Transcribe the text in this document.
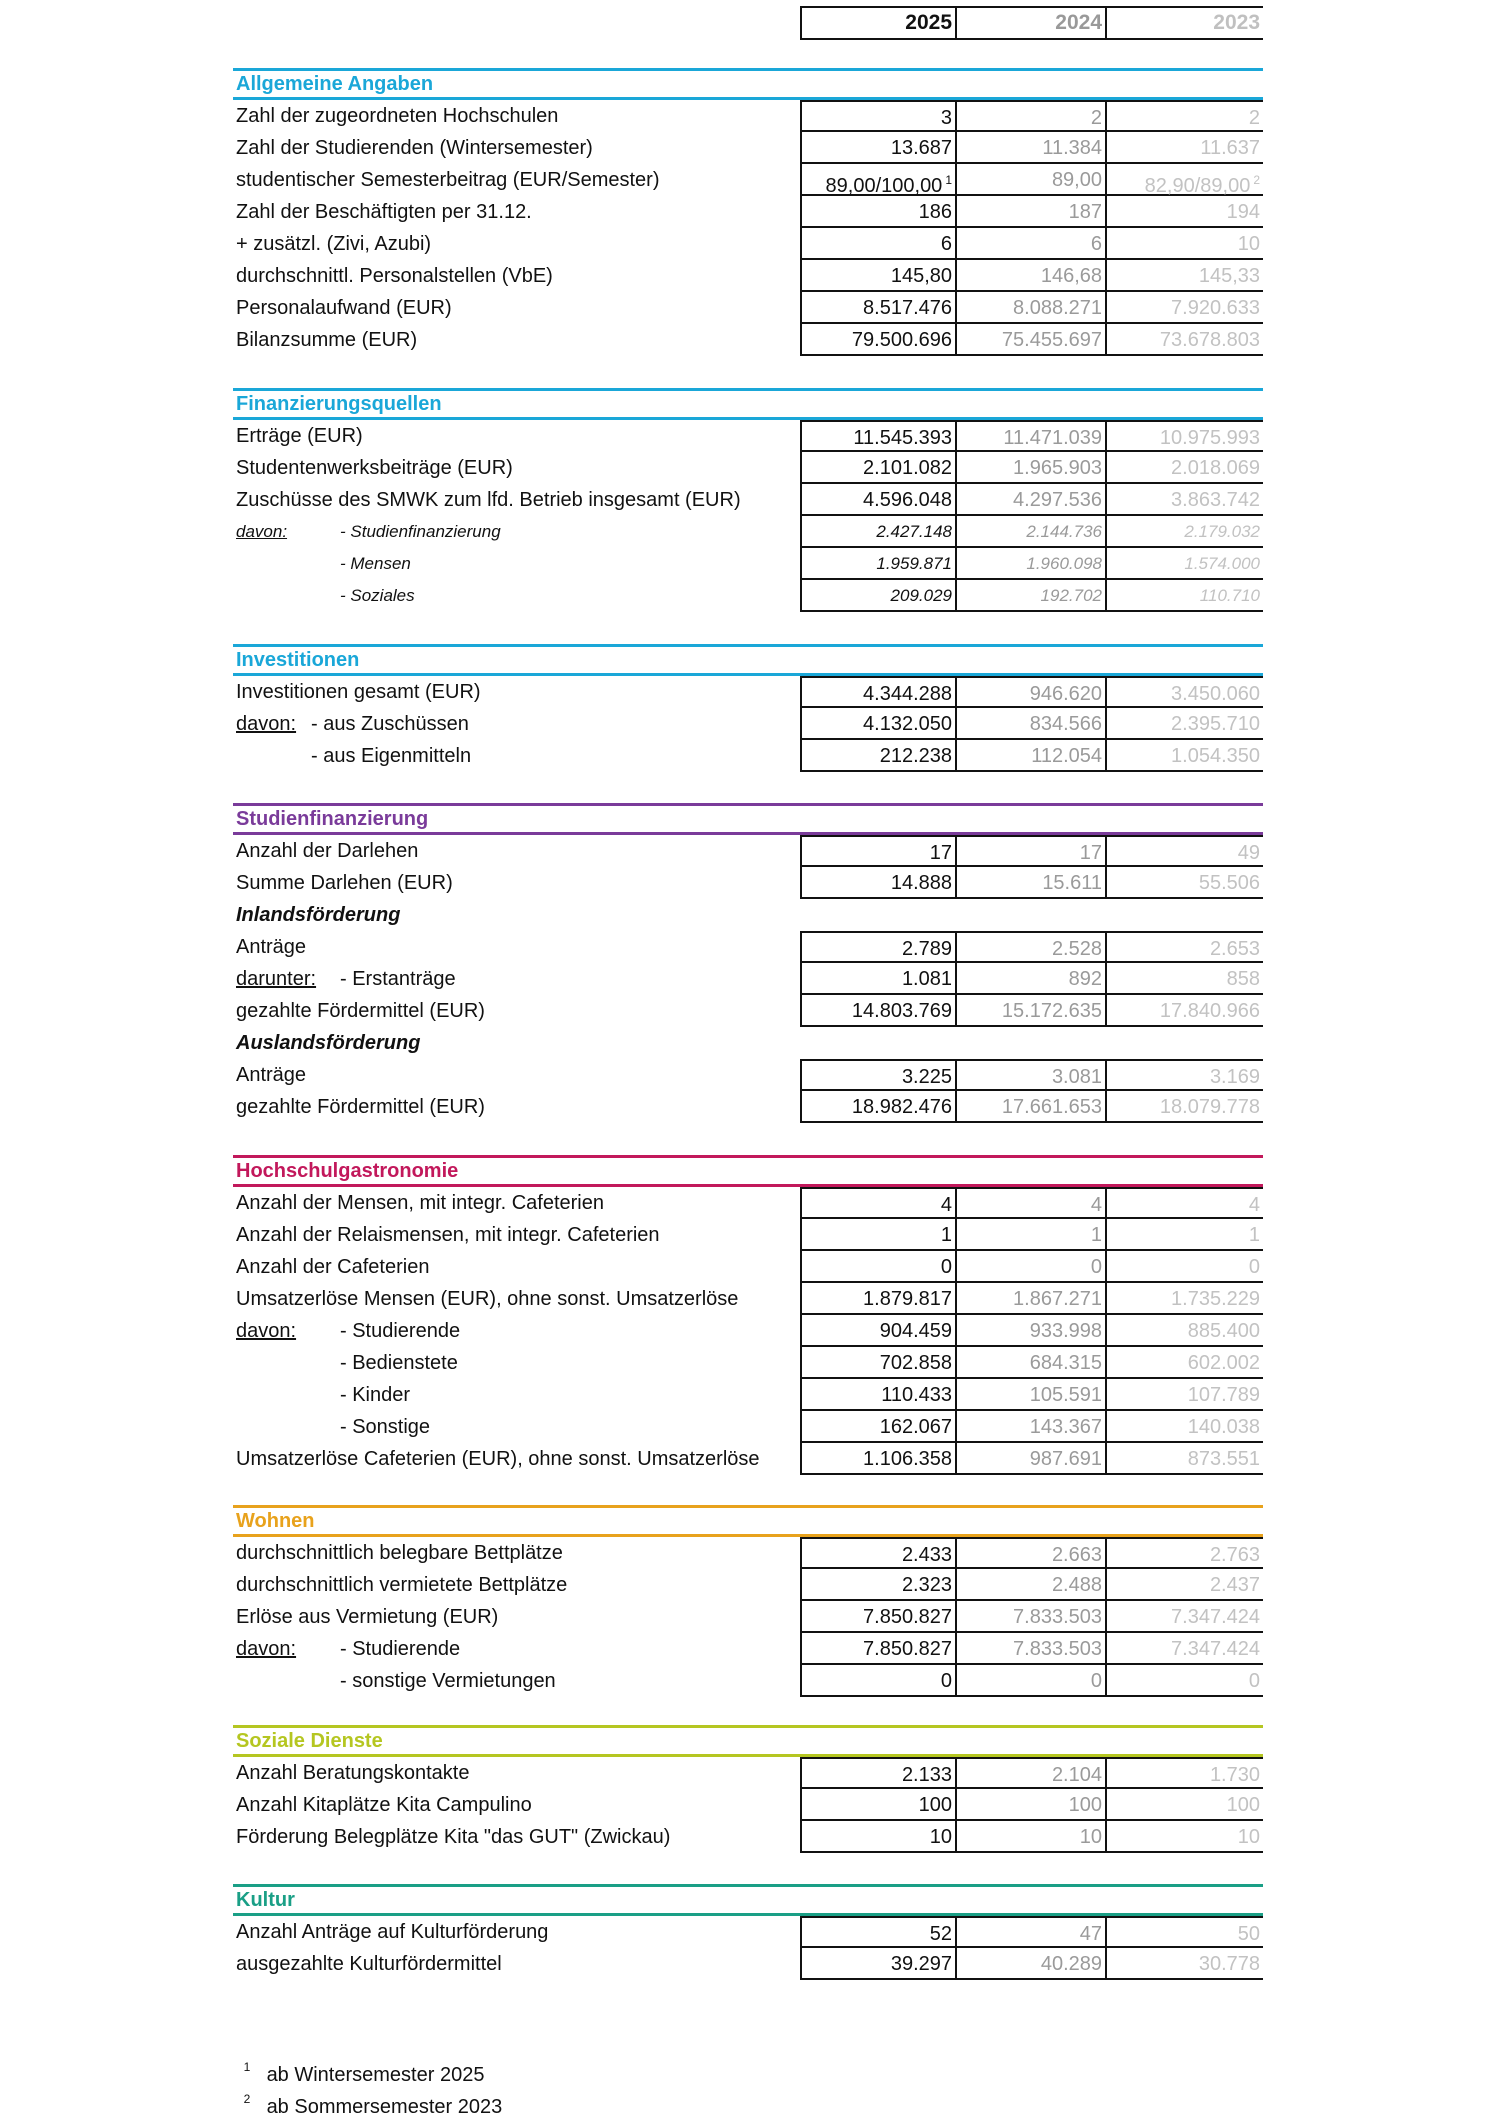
2025	2024	2023
Allgemeine Angaben
Zahl der zugeordneten Hochschulen	3	2	2
Zahl der Studierenden (Wintersemester)	13.687	11.384	11.637
studentischer Semesterbeitrag (EUR/Semester)	89,00/100,00 $^1$	89,00	82,90/89,00 $^2$
Zahl der Beschäftigten per 31.12.	186	187	194
+ zusätzl. (Zivi, Azubi)	6	6	10
durchschnittl. Personalstellen (VbE)	145,80	146,68	145,33
Personalaufwand (EUR)	8.517.476	8.088.271	7.920.633
Bilanzsumme (EUR)	79.500.696	75.455.697	73.678.803
Finanzierungsquellen
Erträge (EUR)	11.545.393	11.471.039	10.975.993
Studentenwerksbeiträge (EUR)	2.101.082	1.965.903	2.018.069
Zuschüsse des SMWK zum lfd. Betrieb insgesamt (EUR)	4.596.048	4.297.536	3.863.742
davon:	- Studienfinanzierung	2.427.148	2.144.736	2.179.032
- Mensen	1.959.871	1.960.098	1.574.000
- Soziales	209.029	192.702	110.710
Investitionen
Investitionen gesamt (EUR)	4.344.288	946.620	3.450.060
davon: - aus Zuschüssen	4.132.050	834.566	2.395.710
- aus Eigenmitteln	212.238	112.054	1.054.350
Studienfinanzierung
Anzahl der Darlehen	17	17	49
Summe Darlehen (EUR)	14.888	15.611	55.506
Inlandsförderung
Anträge	2.789	2.528	2.653
darunter: - Erstanträge	1.081	892	858
gezahlte Fördermittel (EUR)	14.803.769	15.172.635	17.840.966
Auslandsförderung
Anträge	3.225	3.081	3.169
gezahlte Fördermittel (EUR)	18.982.476	17.661.653	18.079.778
Hochschulgastronomie
Anzahl der Mensen, mit integr. Cafeterien	4	4	4
Anzahl der Relaismensen, mit integr. Cafeterien	1	1	1
Anzahl der Cafeterien	0	0	0
Umsatzerlöse Mensen (EUR), ohne sonst. Umsatzerlöse	1.879.817	1.867.271	1.735.229
davon: - Studierende	904.459	933.998	885.400
- Bedienstete	702.858	684.315	602.002
- Kinder	110.433	105.591	107.789
- Sonstige	162.067	143.367	140.038
Umsatzerlöse Cafeterien (EUR), ohne sonst. Umsatzerlöse	1.106.358	987.691	873.551
Wohnen
durchschnittlich belegbare Bettplätze	2.433	2.663	2.763
durchschnittlich vermietete Bettplätze	2.323	2.488	2.437
Erlöse aus Vermietung (EUR)	7.850.827	7.833.503	7.347.424
davon: - Studierende	7.850.827	7.833.503	7.347.424
- sonstige Vermietungen	0	0	0
Soziale Dienste
Anzahl Beratungskontakte	2.133	2.104	1.730
Anzahl Kitaplätze Kita Campulino	100	100	100
Förderung Belegplätze Kita "das GUT" (Zwickau)	10	10	10
Kultur
Anzahl Anträge auf Kulturförderung	52	47	50
ausgezahlte Kulturfördermittel	39.297	40.289	30.778
1 ab Wintersemester 2025
2 ab Sommersemester 2023
